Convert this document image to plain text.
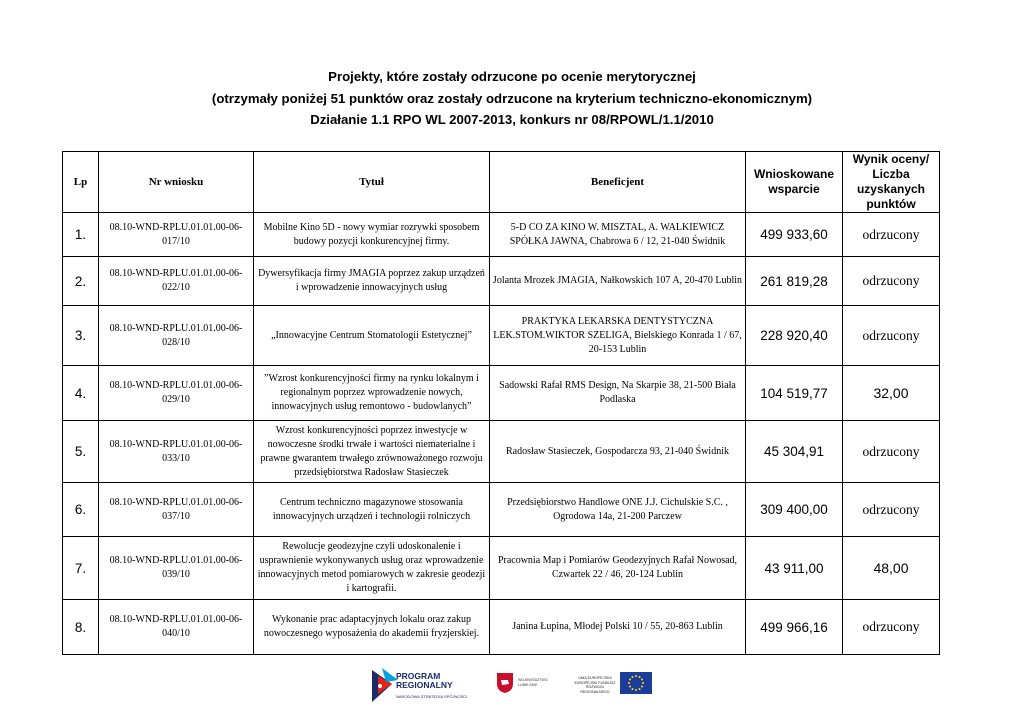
Projekty, które zostały odrzucone po ocenie merytorycznej
(otrzymały poniżej 51 punktów oraz zostały odrzucone na kryterium techniczno-ekonomicznym)
Działanie 1.1 RPO WL 2007-2013, konkurs nr 08/RPOWL/1.1/2010
Lp	Nr wniosku	Tytuł	Beneficjent	Wnioskowane wsparcie	Wynik oceny/ Liczba uzyskanych punktów
1.	08.10-WND-RPLU.01.01.00-06-017/10	Mobilne Kino 5D - nowy wymiar rozrywki sposobem budowy pozycji konkurencyjnej firmy.	5-D CO ZA KINO W. MISZTAL, A. WALKIEWICZ SPÓŁKA JAWNA, Chabrowa 6 / 12, 21-040 Świdnik	499 933,60	odrzucony
2.	08.10-WND-RPLU.01.01.00-06-022/10	Dywersyfikacja firmy JMAGIA poprzez zakup urządzeń i wprowadzenie innowacyjnych usług	Jolanta Mrozek JMAGIA, Nałkowskich 107 A, 20-470 Lublin	261 819,28	odrzucony
3.	08.10-WND-RPLU.01.01.00-06-028/10	„Innowacyjne Centrum Stomatologii Estetycznej”	PRAKTYKA LEKARSKA DENTYSTYCZNA LEK.STOM.WIKTOR SZELIGA, Bielskiego Konrada 1 / 67, 20-153 Lublin	228 920,40	odrzucony
4.	08.10-WND-RPLU.01.01.00-06-029/10	”Wzrost konkurencyjności firmy na rynku lokalnym i regionalnym poprzez wprowadzenie nowych, innowacyjnych usług remontowo - budowlanych”	Sadowski Rafał RMS Design, Na Skarpie 38, 21-500 Biała Podlaska	104 519,77	32,00
5.	08.10-WND-RPLU.01.01.00-06-033/10	Wzrost konkurencyjności poprzez inwestycje w nowoczesne środki trwałe i wartości niematerialne i prawne gwarantem trwałego zrównoważonego rozwoju przedsiębiorstwa Radosław Stasieczek	Radosław Stasieczek, Gospodarcza 93, 21-040 Świdnik	45 304,91	odrzucony
6.	08.10-WND-RPLU.01.01.00-06-037/10	Centrum techniczno magazynowe stosowania innowacyjnych urządzeń i technologii rolniczych	Przedsiębiorstwo Handlowe ONE J.J. Cichulskie S.C. , Ogrodowa 14a, 21-200 Parczew	309 400,00	odrzucony
7.	08.10-WND-RPLU.01.01.00-06-039/10	Rewolucje geodezyjne czyli udoskonalenie i usprawnienie wykonywanych usług oraz wprowadzenie innowacyjnych metod pomiarowych w zakresie geodezji i kartografii.	Pracownia Map i Pomiarów Geodezyjnych Rafał Nowosad, Czwartek 22 / 46, 20-124 Lublin	43 911,00	48,00
8.	08.10-WND-RPLU.01.01.00-06-040/10	Wykonanie prac adaptacyjnych lokalu oraz zakup nowoczesnego wyposażenia do akademii fryzjerskiej.	Janina Łupina, Młodej Polski 10 / 55, 20-863 Lublin	499 966,16	odrzucony
PROGRAM REGIONALNY
NARODOWA STRATEGIA SPÓJNOŚCI
WOJEWÓDZTWO LUBELSKIE
UNIA EUROPEJSKA EUROPEJSKI FUNDUSZ ROZWOJU REGIONALNEGO
